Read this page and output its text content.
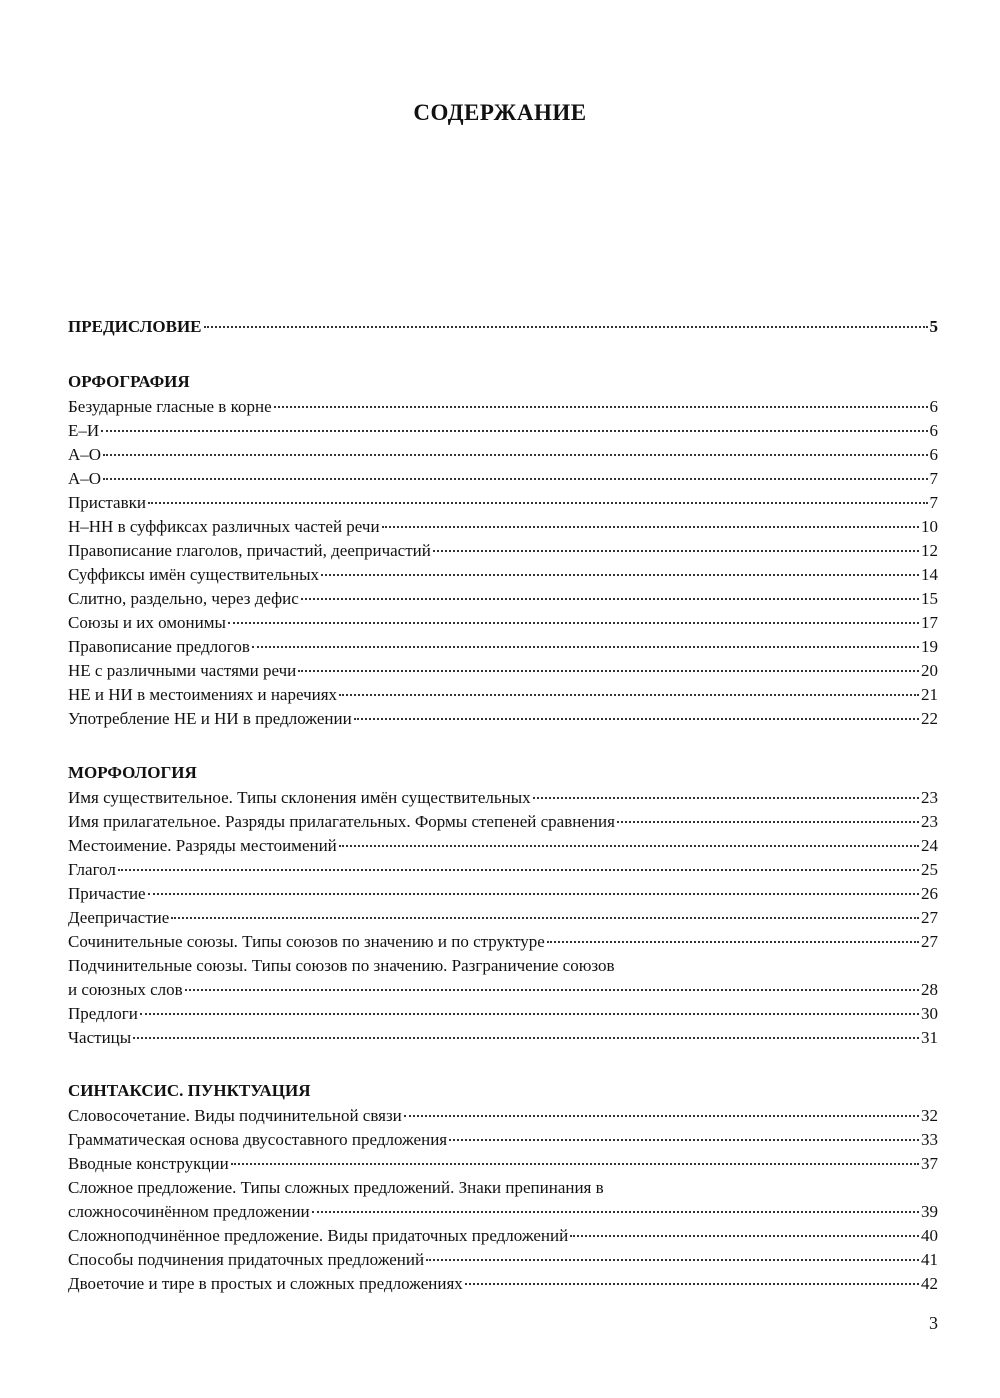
СОДЕРЖАНИЕ
ПРЕДИСЛОВИЕ	5
ОРФОГРАФИЯ
Безударные гласные в корне	6
Е–И	6
А–О	6
А–О	7
Приставки	7
Н–НН в суффиксах различных частей речи	10
Правописание глаголов, причастий, деепричастий	12
Суффиксы имён существительных	14
Слитно, раздельно, через дефис	15
Союзы и их омонимы	17
Правописание предлогов	19
НЕ с различными частями речи	20
НЕ и НИ в местоимениях и наречиях	21
Употребление НЕ и НИ в предложении	22
МОРФОЛОГИЯ
Имя существительное. Типы склонения имён существительных	23
Имя прилагательное. Разряды прилагательных. Формы степеней сравнения	23
Местоимение. Разряды местоимений	24
Глагол	25
Причастие	26
Деепричастие	27
Сочинительные союзы. Типы союзов по значению и по структуре	27
Подчинительные союзы. Типы союзов по значению. Разграничение союзов
и союзных слов	28
Предлоги	30
Частицы	31
СИНТАКСИС. ПУНКТУАЦИЯ
Словосочетание. Виды подчинительной связи	32
Грамматическая основа двусоставного предложения	33
Вводные конструкции	37
Сложное предложение. Типы сложных предложений. Знаки препинания в
сложносочинённом предложении	39
Сложноподчинённое предложение. Виды придаточных предложений	40
Способы подчинения придаточных предложений	41
Двоеточие и тире в простых и сложных предложениях	42
3
